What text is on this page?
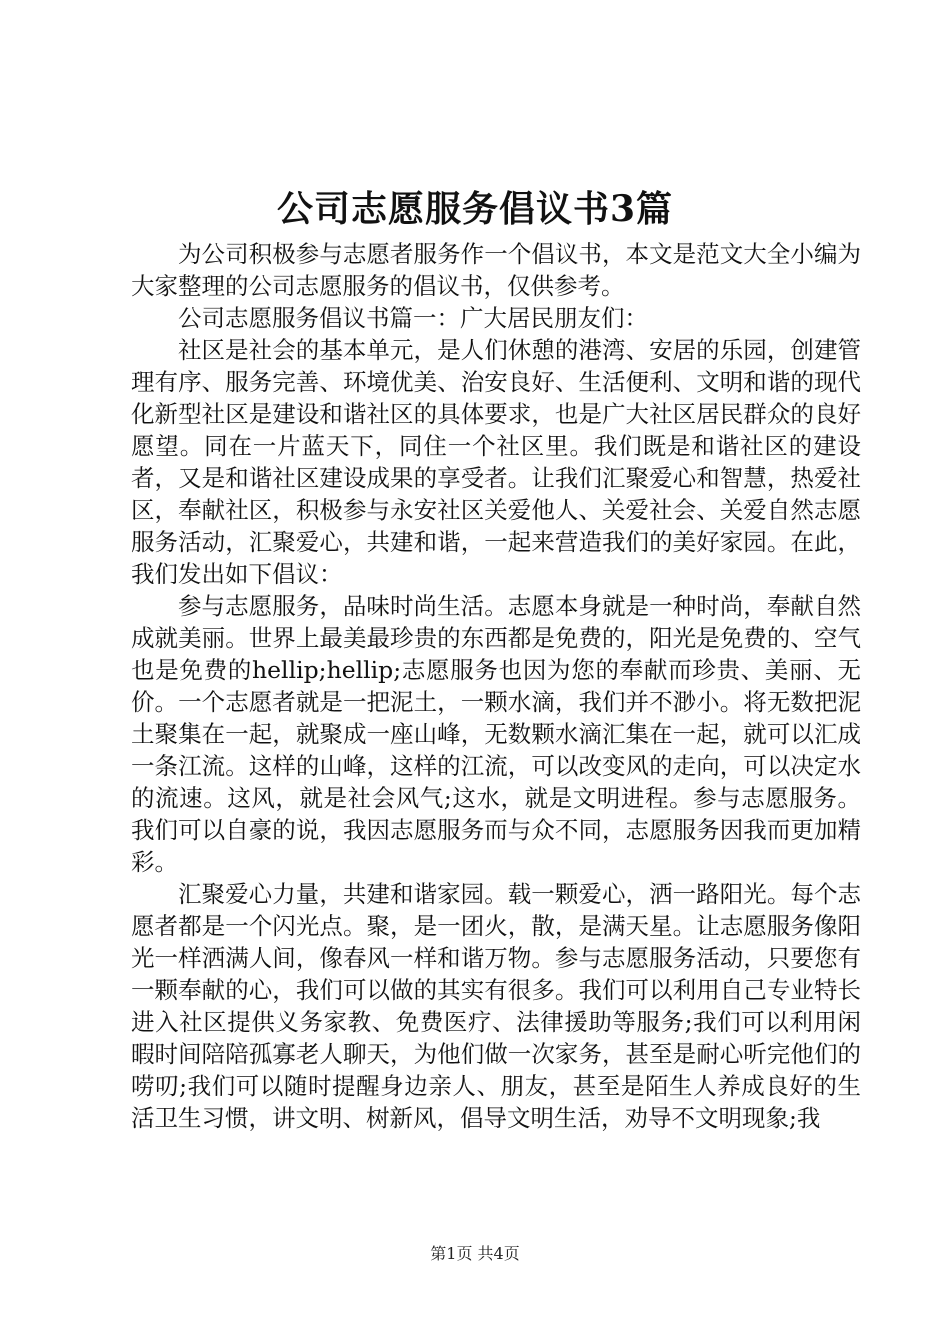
公司志愿服务倡议书3篇

为公司积极参与志愿者服务作一个倡议书，本文是范文大全小编为大家整理的公司志愿服务的倡议书，仅供参考。

公司志愿服务倡议书篇一：广大居民朋友们：

社区是社会的基本单元，是人们休憩的港湾、安居的乐园，创建管理有序、服务完善、环境优美、治安良好、生活便利、文明和谐的现代化新型社区是建设和谐社区的具体要求，也是广大社区居民群众的良好愿望。同在一片蓝天下，同住一个社区里。我们既是和谐社区的建设者，又是和谐社区建设成果的享受者。让我们汇聚爱心和智慧，热爱社区，奉献社区，积极参与永安社区关爱他人、关爱社会、关爱自然志愿服务活动，汇聚爱心，共建和谐，一起来营造我们的美好家园。在此，我们发出如下倡议：

参与志愿服务，品味时尚生活。志愿本身就是一种时尚，奉献自然成就美丽。世界上最美最珍贵的东西都是免费的，阳光是免费的、空气也是免费的hellip;hellip;志愿服务也因为您的奉献而珍贵、美丽、无价。一个志愿者就是一把泥土，一颗水滴，我们并不渺小。将无数把泥土聚集在一起，就聚成一座山峰，无数颗水滴汇集在一起，就可以汇成一条江流。这样的山峰，这样的江流，可以改变风的走向，可以决定水的流速。这风，就是社会风气;这水，就是文明进程。参与志愿服务。我们可以自豪的说，我因志愿服务而与众不同，志愿服务因我而更加精彩。

汇聚爱心力量，共建和谐家园。载一颗爱心，洒一路阳光。每个志愿者都是一个闪光点。聚，是一团火，散，是满天星。让志愿服务像阳光一样洒满人间，像春风一样和谐万物。参与志愿服务活动，只要您有一颗奉献的心，我们可以做的其实有很多。我们可以利用自己专业特长进入社区提供义务家教、免费医疗、法律援助等服务;我们可以利用闲暇时间陪陪孤寡老人聊天，为他们做一次家务，甚至是耐心听完他们的唠叨;我们可以随时提醒身边亲人、朋友，甚至是陌生人养成良好的生活卫生习惯，讲文明、树新风，倡导文明生活，劝导不文明现象;我

第1页 共4页
